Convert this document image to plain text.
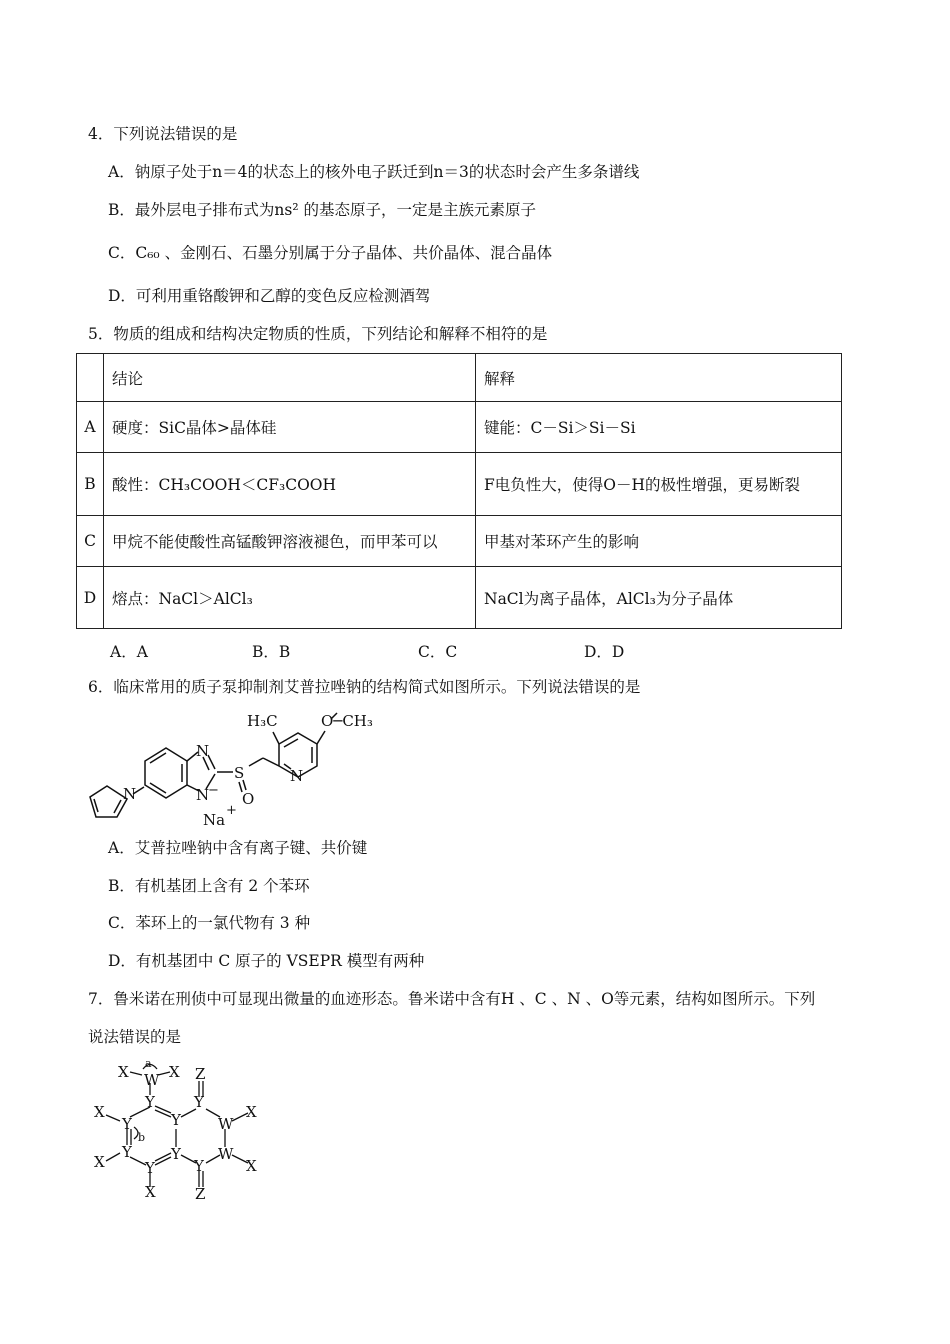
4．下列说法错误的是
A．钠原子处于n＝4的状态上的核外电子跃迁到n＝3的状态时会产生多条谱线
B．最外层电子排布式为ns² 的基态原子，一定是主族元素原子
C．C₆₀ 、金刚石、石墨分别属于分子晶体、共价晶体、混合晶体
D．可利用重铬酸钾和乙醇的变色反应检测酒驾
5．物质的组成和结构决定物质的性质，下列结论和解释不相符的是
	结论	解释
A	硬度：SiC晶体>晶体硅	键能：C－Si＞Si－Si
B	酸性：CH₃COOH＜CF₃COOH	F电负性大，使得O－H的极性增强，更易断裂
C	甲烷不能使酸性高锰酸钾溶液褪色，而甲苯可以	甲基对苯环产生的影响
D	熔点：NaCl＞AlCl₃	NaCl为离子晶体，AlCl₃为分子晶体
A．A	B．B	C．C	D．D
6．临床常用的质子泵抑制剂艾普拉唑钠的结构简式如图所示。下列说法错误的是
N
N
N
−
S
O
N
H₃C	O─CH₃
Na
+
A．艾普拉唑钠中含有离子键、共价键
B．有机基团上含有 2 个苯环
C．苯环上的一氯代物有 3 种
D．有机基团中 C 原子的 VSEPR 模型有两种
7．鲁米诺在刑侦中可显现出微量的血迹形态。鲁米诺中含有H 、C 、N 、O等元素，结构如图所示。下列
说法错误的是
X W X
a
Z
X
Y
Y
Y
W
X
Y
b
X
Y
Y
Y
Y
W
X
X	Z
